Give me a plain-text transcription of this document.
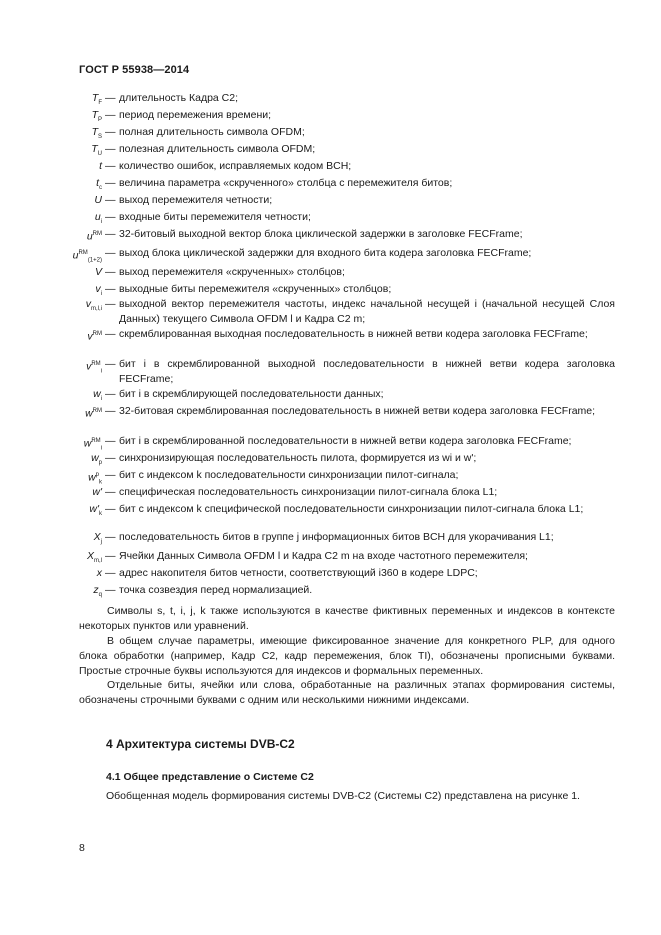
ГОСТ Р 55938—2014
$T_F$ — длительность Кадра С2;
$T_P$ — период перемежения времени;
$T_S$ — полная длительность символа OFDM;
$T_U$ — полезная длительность символа OFDM;
t — количество ошибок, исправляемых кодом BCH;
$t_c$ — величина параметра «скрученного» столбца с перемежителя битов;
U — выход перемежителя четности;
$u_i$ — входные биты перемежителя четности;
$u^{RM}$ — 32-битовый выходной вектор блока циклической задержки в заголовке FECFrame;
$u^{RM}_{(1+2)}$
— выход блока циклической задержки для входного бита кодера заголовка FECFrame;
V — выход перемежителя «скрученных» столбцов;
$v_i$ — выходные биты перемежителя «скрученных» столбцов;
$v_{m,l,i}$ — выходной вектор перемежителя частоты, индекс начальной несущей i (начальной несущей Слоя Данных) текущего Символа OFDM l и Кадра С2 m;
$v^{RM}$ — скремблированная выходная последовательность в нижней ветви кодера заголовка FECFrame;
$v^{RM}_i$
— бит i в скремблированной выходной последовательности в нижней ветви кодера заголовка FECFrame;
$w_i$ — бит i в скремблирующей последовательности данных;
$w^{RM}$ — 32-битовая скремблированная последовательность в нижней ветви кодера заголовка FECFrame;
$w^{RM}_i$
— бит i в скремблированной последовательности в нижней ветви кодера заголовка FECFrame;
$w_p$ — синхронизирующая последовательность пилота, формируется из wi и w';
$w^p_k$
— бит с индексом k последовательности синхронизации пилот-сигнала;
w' — специфическая последовательность синхронизации пилот-сигнала блока L1;
$w'_k$ — бит с индексом k специфической последовательности синхронизации пилот-сигнала блока L1;
$X_j$ — последовательность битов в группе j информационных битов BCH для укорачивания L1;
$X_{m,l}$ — Ячейки Данных Символа OFDM l и Кадра С2 m на входе частотного перемежителя;
x — адрес накопителя битов четности, соответствующий i360 в кодере LDPC;
$z_q$ — точка созвездия перед нормализацией.
Символы s, t, i, j, k также используются в качестве фиктивных переменных и индексов в контексте некоторых пунктов или уравнений.
В общем случае параметры, имеющие фиксированное значение для конкретного PLP, для одного блока обработки (например, Кадр С2, кадр перемежения, блок TI), обозначены прописными буквами. Простые строчные буквы используются для индексов и формальных переменных.
Отдельные биты, ячейки или слова, обработанные на различных этапах формирования системы, обозначены строчными буквами с одним или несколькими нижними индексами.
4 Архитектура системы DVB-C2
4.1 Общее представление о Системе С2
Обобщенная модель формирования системы DVB-C2 (Системы С2) представлена на рисунке 1.
8
